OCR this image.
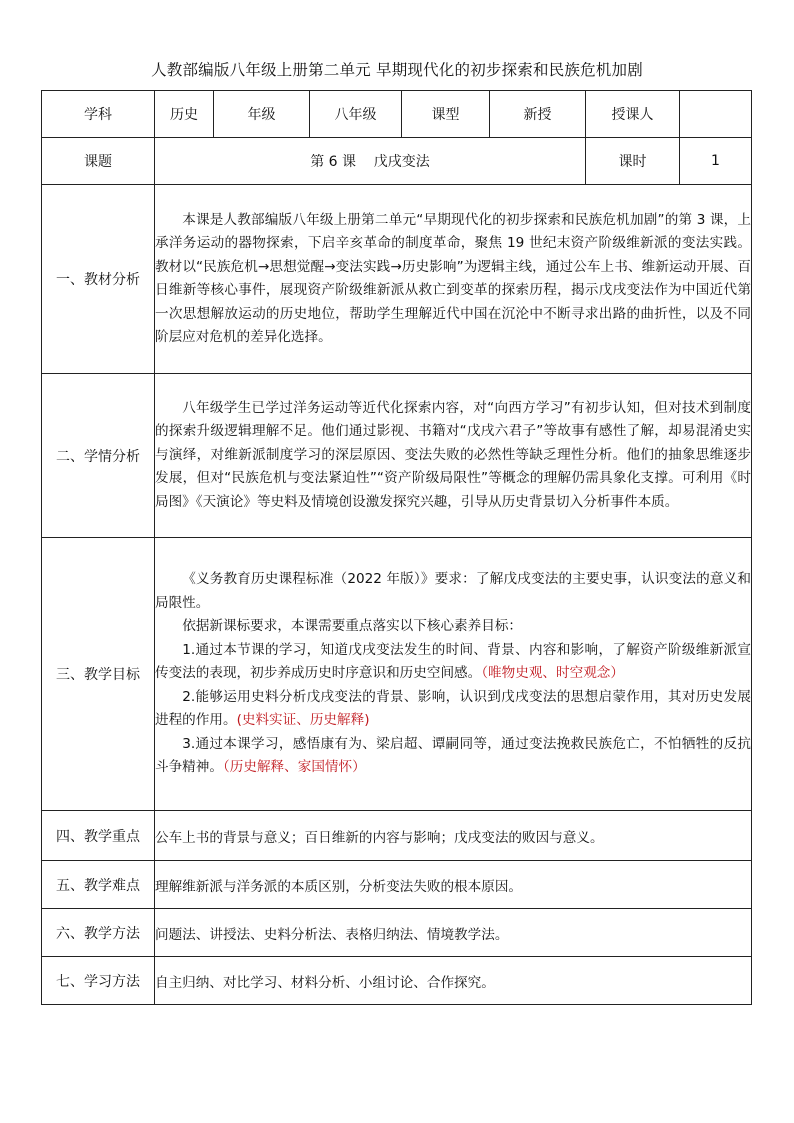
人教部编版八年级上册第二单元 早期现代化的初步探索和民族危机加剧
学科	历史	年级	八年级	课型	新授	授课人	
课题	第 6 课    戊戌变法					课时	1
一、教材分析	本课是人教部编版八年级上册第二单元“早期现代化的初步探索和民族危机加剧”的第 3 课，上承洋务运动的器物探索，下启辛亥革命的制度革命，聚焦 19 世纪末资产阶级维新派的变法实践。教材以“民族危机→思想觉醒→变法实践→历史影响”为逻辑主线，通过公车上书、维新运动开展、百日维新等核心事件，展现资产阶级维新派从救亡到变革的探索历程，揭示戊戌变法作为中国近代第一次思想解放运动的历史地位，帮助学生理解近代中国在沉沦中不断寻求出路的曲折性，以及不同阶层应对危机的差异化选择。						

二、学情分析	八年级学生已学过洋务运动等近代化探索内容，对“向西方学习”有初步认知，但对技术到制度的探索升级逻辑理解不足。他们通过影视、书籍对“戊戌六君子”等故事有感性了解，却易混淆史实与演绎，对维新派制度学习的深层原因、变法失败的必然性等缺乏理性分析。他们的抽象思维逐步发展，但对“民族危机与变法紧迫性”“资产阶级局限性”等概念的理解仍需具象化支撑。可利用《时局图》《天演论》等史料及情境创设激发探究兴趣，引导从历史背景切入分析事件本质。						

三、教学目标	《义务教育历史课程标准（2022 年版）》要求：了解戊戌变法的主要史事，认识变法的意义和局限性。

依据新课标要求，本课需要重点落实以下核心素养目标：

1.通过本节课的学习，知道戊戌变法发生的时间、背景、内容和影响，了解资产阶级维新派宣传变法的表现，初步养成历史时序意识和历史空间感。（唯物史观、时空观念）

2.能够运用史料分析戊戌变法的背景、影响，认识到戊戌变法的思想启蒙作用，其对历史发展进程的作用。(史料实证、历史解释)

3.通过本课学习，感悟康有为、梁启超、谭嗣同等，通过变法挽救民族危亡，不怕牺牲的反抗斗争精神。（历史解释、家国情怀）						

四、教学重点	公车上书的背景与意义；百日维新的内容与影响；戊戌变法的败因与意义。						
五、教学难点	理解维新派与洋务派的本质区别，分析变法失败的根本原因。						
六、教学方法	问题法、讲授法、史料分析法、表格归纳法、情境教学法。						
七、学习方法	自主归纳、对比学习、材料分析、小组讨论、合作探究。						
